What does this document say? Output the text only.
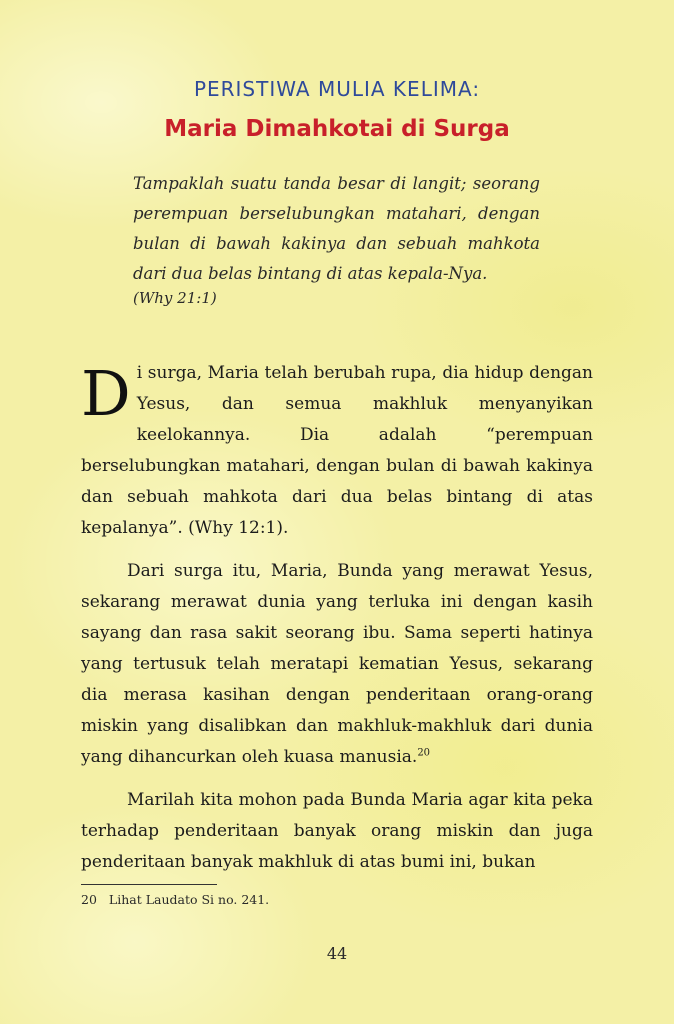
PERISTIWA MULIA KELIMA:
Maria Dimahkotai di Surga
Tampaklah suatu tanda besar di langit; seorang perempuan berselubungkan matahari, dengan bulan di bawah kakinya dan sebuah mahkota dari dua belas bintang di atas kepala-Nya.
(Why 21:1)

Di surga, Maria telah berubah rupa, dia hidup dengan Yesus, dan semua makhluk menyanyikan keelokannya. Dia adalah “perempuan berselubungkan matahari, dengan bulan di bawah kakinya dan sebuah mahkota dari dua belas bintang di atas kepalanya”. (Why 12:1).

Dari surga itu, Maria, Bunda yang merawat Yesus, sekarang merawat dunia yang terluka ini dengan kasih sayang dan rasa sakit seorang ibu. Sama seperti hatinya yang tertusuk telah meratapi kematian Yesus, sekarang dia merasa kasihan dengan penderitaan orang-orang miskin yang disalibkan dan makhluk-makhluk dari dunia yang dihancurkan oleh kuasa manusia.$^{20}$

Marilah kita mohon pada Bunda Maria agar kita peka terhadap penderitaan banyak orang miskin dan juga penderitaan banyak makhluk di atas bumi ini, bukan

20 Lihat Laudato Si no. 241.
44
